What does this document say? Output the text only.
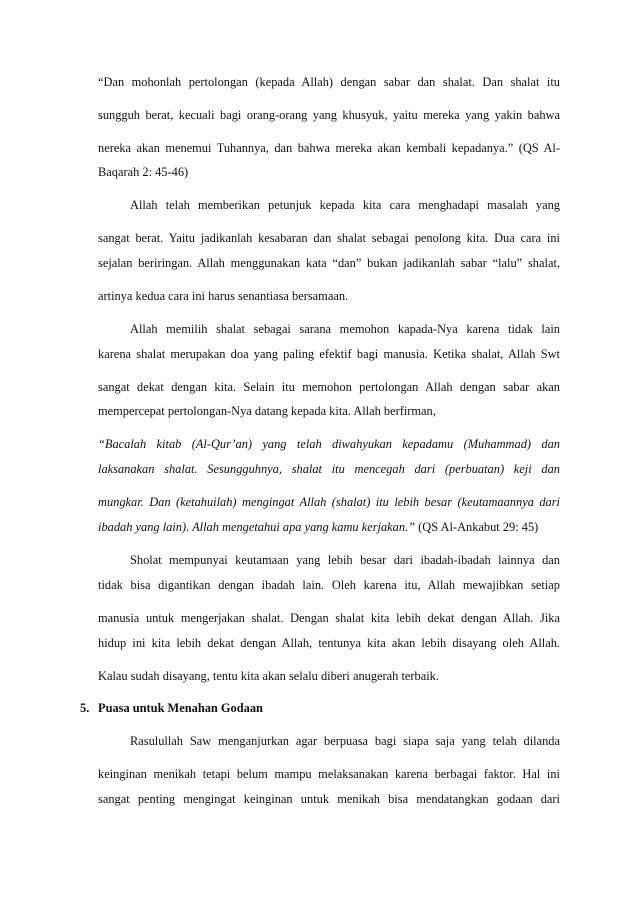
“Dan mohonlah pertolongan (kepada Allah) dengan sabar dan shalat. Dan shalat itu
sungguh berat, kecuali bagi orang-orang yang khusyuk, yaitu mereka yang yakin bahwa
nereka akan menemui Tuhannya, dan bahwa mereka akan kembali kepadanya.” (QS Al-
Baqarah 2: 45-46)
Allah telah memberikan petunjuk kepada kita cara menghadapi masalah yang
sangat berat. Yaitu jadikanlah kesabaran dan shalat sebagai penolong kita. Dua cara ini
sejalan beriringan. Allah menggunakan kata “dan” bukan jadikanlah sabar “lalu” shalat,
artinya kedua cara ini harus senantiasa bersamaan.
Allah memilih shalat sebagai sarana memohon kapada-Nya karena tidak lain
karena shalat merupakan doa yang paling efektif bagi manusia. Ketika shalat, Allah Swt
sangat dekat dengan kita. Selain itu memohon pertolongan Allah dengan sabar akan
mempercepat pertolongan-Nya datang kepada kita. Allah berfirman,
“Bacalah kitab (Al-Qur’an) yang telah diwahyukan kepadamu (Muhammad) dan
laksanakan shalat. Sesungguhnya, shalat itu mencegah dari (perbuatan) keji dan
mungkar. Dan (ketahuilah) mengingat Allah (shalat) itu lebih besar (keutamaannya dari
ibadah yang lain). Allah mengetahui apa yang kamu kerjakan.” (QS Al-Ankabut 29: 45)
Sholat mempunyai keutamaan yang lebih besar dari ibadah-ibadah lainnya dan
tidak bisa digantikan dengan ibadah lain. Oleh karena itu, Allah mewajibkan setiap
manusia untuk mengerjakan shalat. Dengan shalat kita lebih dekat dengan Allah. Jika
hidup ini kita lebih dekat dengan Allah, tentunya kita akan lebih disayang oleh Allah.
Kalau sudah disayang, tentu kita akan selalu diberi anugerah terbaik.
5. Puasa untuk Menahan Godaan
Rasulullah Saw menganjurkan agar berpuasa bagi siapa saja yang telah dilanda
keinginan menikah tetapi belum mampu melaksanakan karena berbagai faktor. Hal ini
sangat penting mengingat keinginan untuk menikah bisa mendatangkan godaan dari
